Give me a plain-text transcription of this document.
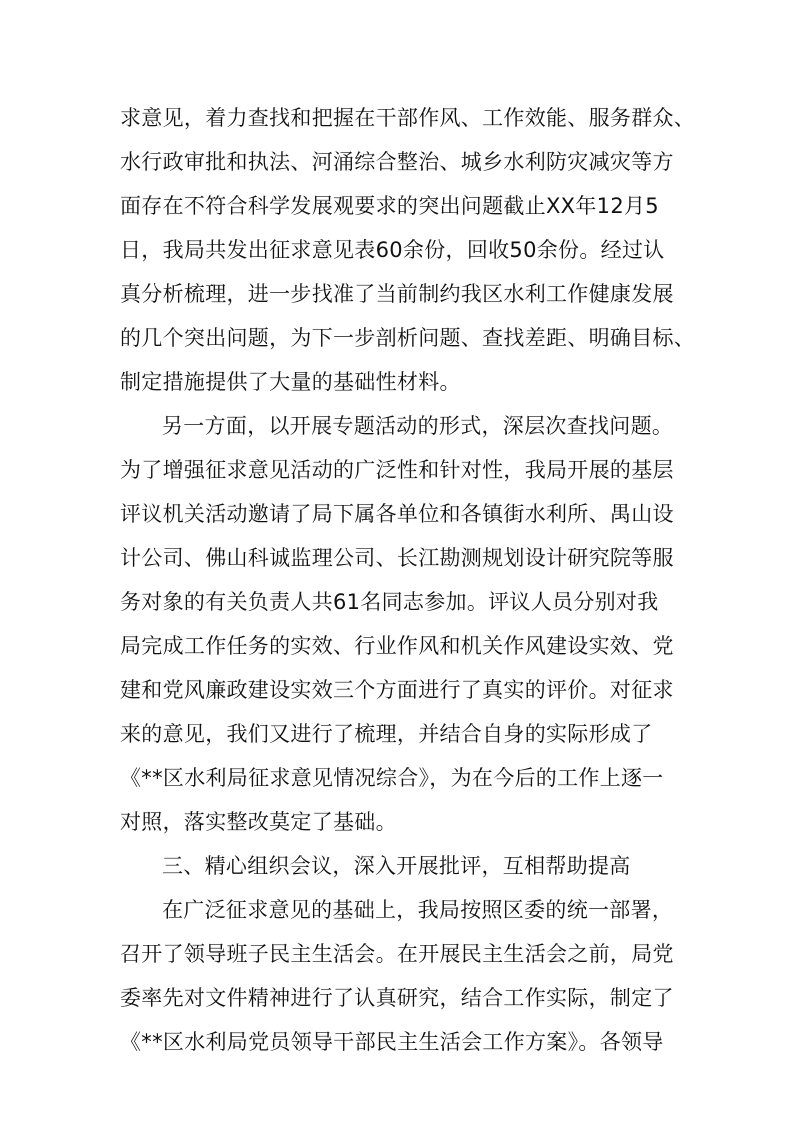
求意见，着力查找和把握在干部作风、工作效能、服务群众、
水行政审批和执法、河涌综合整治、城乡水利防灾减灾等方
面存在不符合科学发展观要求的突出问题截止XX年12月5
日，我局共发出征求意见表60余份，回收50余份。经过认
真分析梳理，进一步找准了当前制约我区水利工作健康发展
的几个突出问题，为下一步剖析问题、查找差距、明确目标、
制定措施提供了大量的基础性材料。
另一方面，以开展专题活动的形式，深层次查找问题。
为了增强征求意见活动的广泛性和针对性，我局开展的基层
评议机关活动邀请了局下属各单位和各镇街水利所、禺山设
计公司、佛山科诚监理公司、长江勘测规划设计研究院等服
务对象的有关负责人共61名同志参加。评议人员分别对我
局完成工作任务的实效、行业作风和机关作风建设实效、党
建和党风廉政建设实效三个方面进行了真实的评价。对征求
来的意见，我们又进行了梳理，并结合自身的实际形成了
《**区水利局征求意见情况综合》，为在今后的工作上逐一
对照，落实整改莫定了基础。
三、精心组织会议，深入开展批评，互相帮助提高
在广泛征求意见的基础上，我局按照区委的统一部署，
召开了领导班子民主生活会。在开展民主生活会之前，局党
委率先对文件精神进行了认真研究，结合工作实际，制定了
《**区水利局党员领导干部民主生活会工作方案》。各领导
